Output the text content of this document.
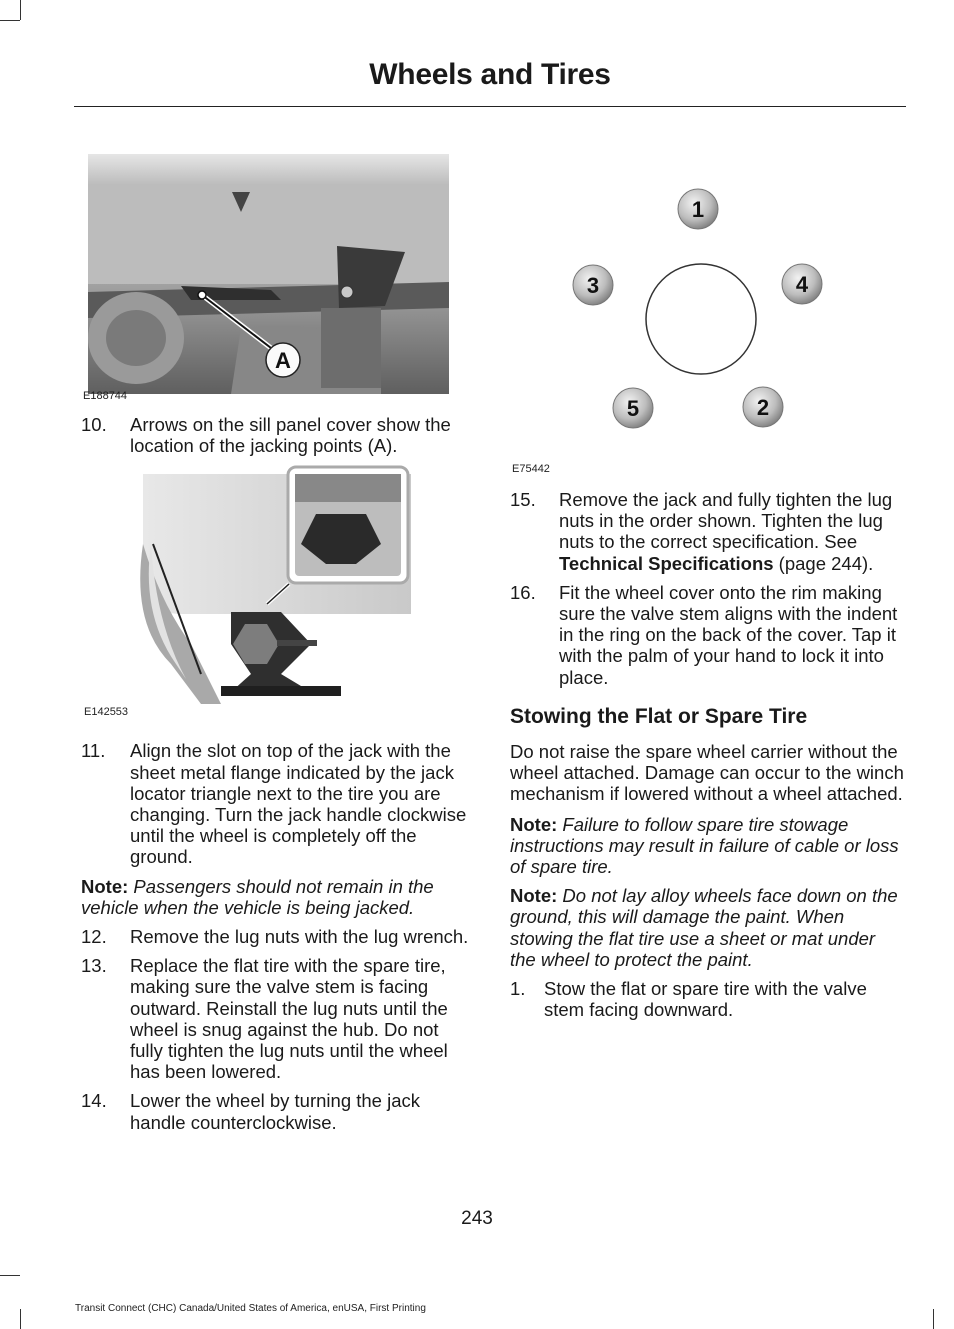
Wheels and Tires
A
E188744
10. Arrows on the sill panel cover show the location of the jacking points (A).
E142553
11. Align the slot on top of the jack with the sheet metal flange indicated by the jack locator triangle next to the tire you are changing. Turn the jack handle clockwise until the wheel is completely off the ground.
Note: Passengers should not remain in the vehicle when the vehicle is being jacked.
12. Remove the lug nuts with the lug wrench.
13. Replace the flat tire with the spare tire, making sure the valve stem is facing outward. Reinstall the lug nuts until the wheel is snug against the hub. Do not fully tighten the lug nuts until the wheel has been lowered.
14. Lower the wheel by turning the jack handle counterclockwise.
1
4
2
5
3
E75442
15. Remove the jack and fully tighten the lug nuts in the order shown. Tighten the lug nuts to the correct specification. See Technical Specifications (page 244).
16. Fit the wheel cover onto the rim making sure the valve stem aligns with the indent in the ring on the back of the cover. Tap it with the palm of your hand to lock it into place.
Stowing the Flat or Spare Tire
Do not raise the spare wheel carrier without the wheel attached. Damage can occur to the winch mechanism if lowered without a wheel attached.
Note: Failure to follow spare tire stowage instructions may result in failure of cable or loss of spare tire.
Note: Do not lay alloy wheels face down on the ground, this will damage the paint. When stowing the flat tire use a sheet or mat under the wheel to protect the paint.
1. Stow the flat or spare tire with the valve stem facing downward.
243
Transit Connect (CHC) Canada/United States of America, enUSA, First Printing
